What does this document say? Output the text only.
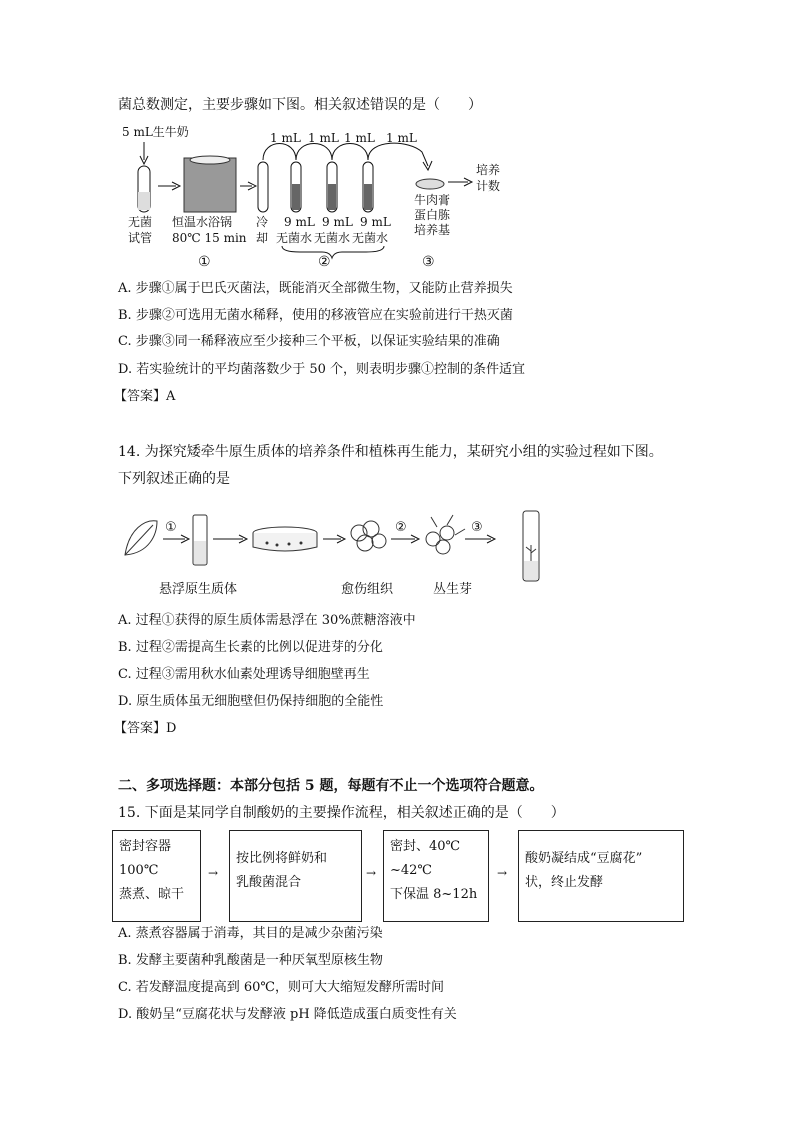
菌总数测定，主要步骤如下图。相关叙述错误的是（　　）
5 mL生牛奶
无菌
试管
恒温水浴锅
80℃ 15 min
冷
却
1 mL 1 mL 1 mL 1 mL
9 mL
无菌水
9 mL
无菌水
9 mL
无菌水
牛肉膏
蛋白胨
培养基
培养
计数
①	②	③
A. 步骤①属于巴氏灭菌法，既能消灭全部微生物，又能防止营养损失
B. 步骤②可选用无菌水稀释，使用的移液管应在实验前进行干热灭菌
C. 步骤③同一稀释液应至少接种三个平板，以保证实验结果的准确
D. 若实验统计的平均菌落数少于 50 个，则表明步骤①控制的条件适宜
【答案】A
14. 为探究矮牵牛原生质体的培养条件和植株再生能力，某研究小组的实验过程如下图。
下列叙述正确的是
①	②	③
悬浮原生质体	愈伤组织	丛生芽
A. 过程①获得的原生质体需悬浮在 30%蔗糖溶液中
B. 过程②需提高生长素的比例以促进芽的分化
C. 过程③需用秋水仙素处理诱导细胞壁再生
D. 原生质体虽无细胞壁但仍保持细胞的全能性
【答案】D
二、多项选择题：本部分包括 5 题，每题有不止一个选项符合题意。
15. 下面是某同学自制酸奶的主要操作流程，相关叙述正确的是（　　）
密封容器
100℃
蒸煮、晾干
→
按比例将鲜奶和
乳酸菌混合
→
密封、40℃
~42℃
下保温 8~12h
→
酸奶凝结成“豆腐花”
状，终止发酵
A. 蒸煮容器属于消毒，其目的是减少杂菌污染
B. 发酵主要菌种乳酸菌是一种厌氧型原核生物
C. 若发酵温度提高到 60℃，则可大大缩短发酵所需时间
D. 酸奶呈“豆腐花状与发酵液 pH 降低造成蛋白质变性有关
